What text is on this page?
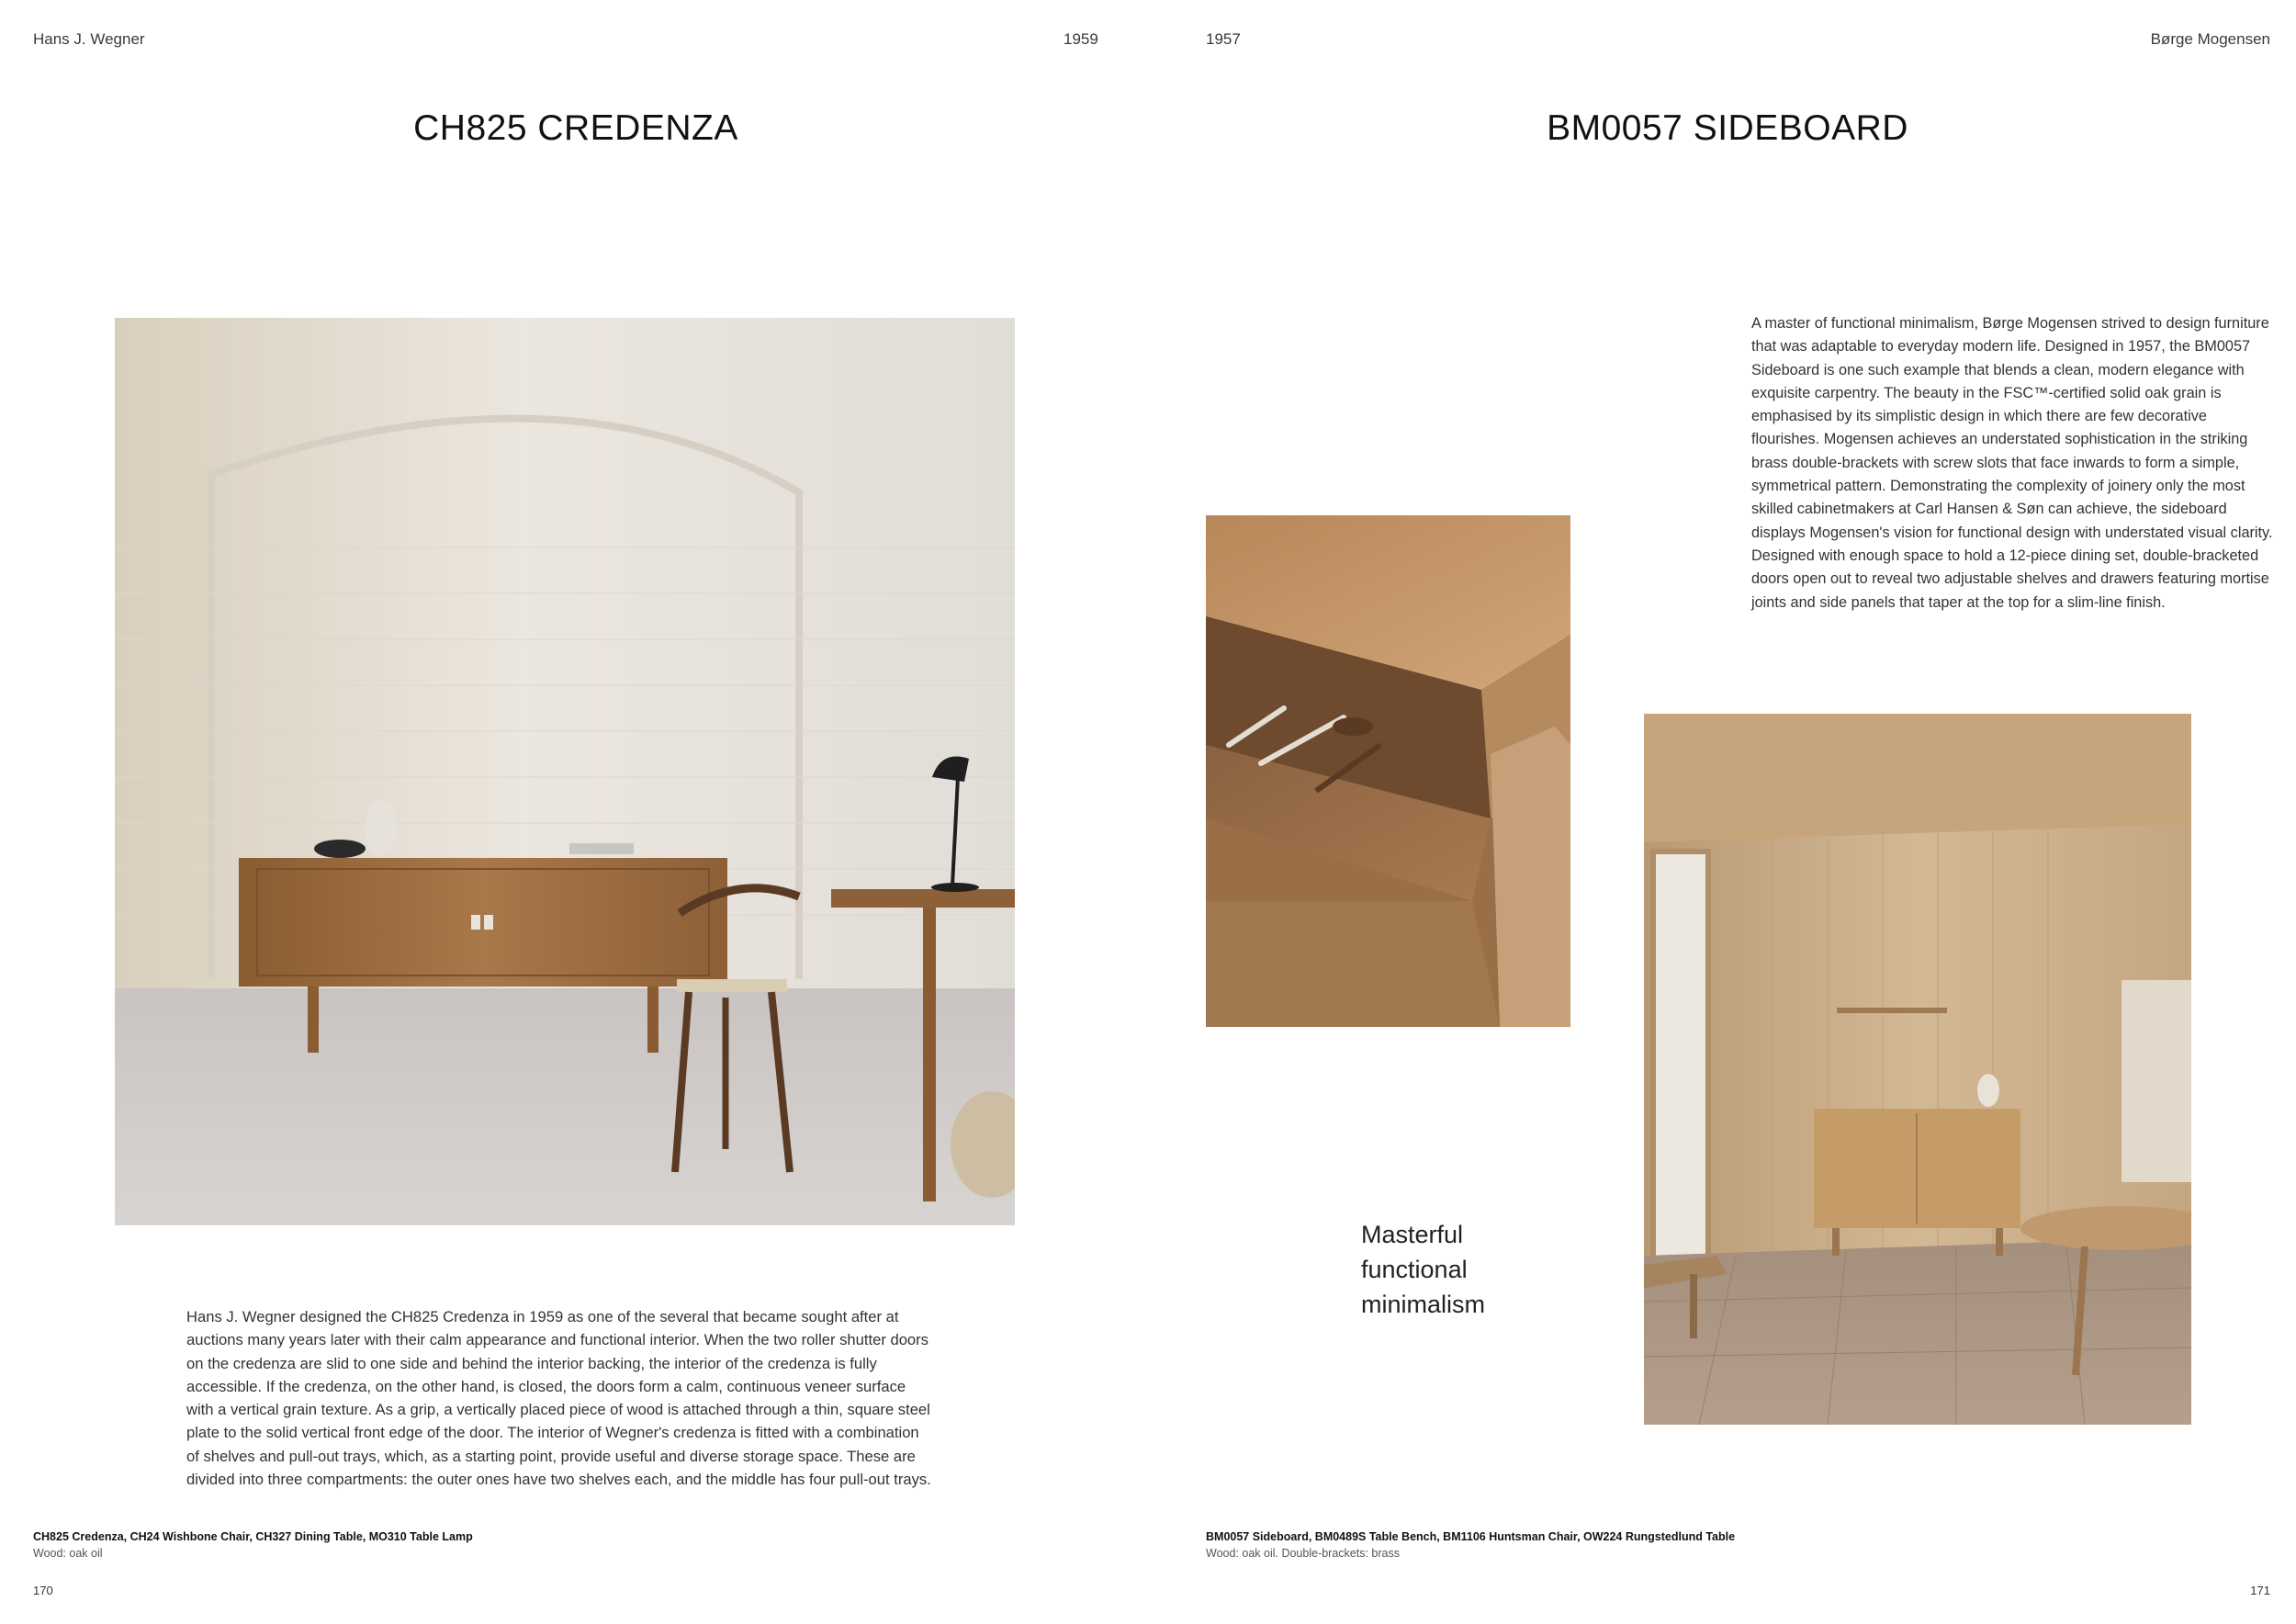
Hans J. Wegner	1959
CH825 CREDENZA
Hans J. Wegner designed the CH825 Credenza in 1959 as one of the several that became sought after at auctions many years later with their calm appearance and functional interior. When the two roller shutter doors on the credenza are slid to one side and behind the interior backing, the interior of the credenza is fully accessible. If the credenza, on the other hand, is closed, the doors form a calm, continuous veneer surface with a vertical grain texture. As a grip, a vertically placed piece of wood is attached through a thin, square steel plate to the solid vertical front edge of the door. The interior of Wegner's credenza is fitted with a combination of shelves and pull-out trays, which, as a starting point, provide useful and diverse storage space. These are divided into three compartments: the outer ones have two shelves each, and the middle has four pull-out trays.
CH825 Credenza, CH24 Wishbone Chair, CH327 Dining Table, MO310 Table Lamp
Wood: oak oil
170
1957	Børge Mogensen
BM0057 SIDEBOARD
A master of functional minimalism, Børge Mogensen strived to design furniture that was adaptable to everyday modern life. Designed in 1957, the BM0057 Sideboard is one such example that blends a clean, modern elegance with exquisite carpentry. The beauty in the FSC™-certified solid oak grain is emphasised by its simplistic design in which there are few decorative flourishes. Mogensen achieves an understated sophistication in the striking brass double-brackets with screw slots that face inwards to form a simple, symmetrical pattern. Demonstrating the complexity of joinery only the most skilled cabinetmakers at Carl Hansen & Søn can achieve, the sideboard displays Mogensen's vision for functional design with understated visual clarity. Designed with enough space to hold a 12-piece dining set, double-bracketed doors open out to reveal two adjustable shelves and drawers featuring mortise joints and side panels that taper at the top for a slim-line finish.
Masterful
functional
minimalism
BM0057 Sideboard, BM0489S Table Bench, BM1106 Huntsman Chair, OW224 Rungstedlund Table
Wood: oak oil. Double-brackets: brass
171
